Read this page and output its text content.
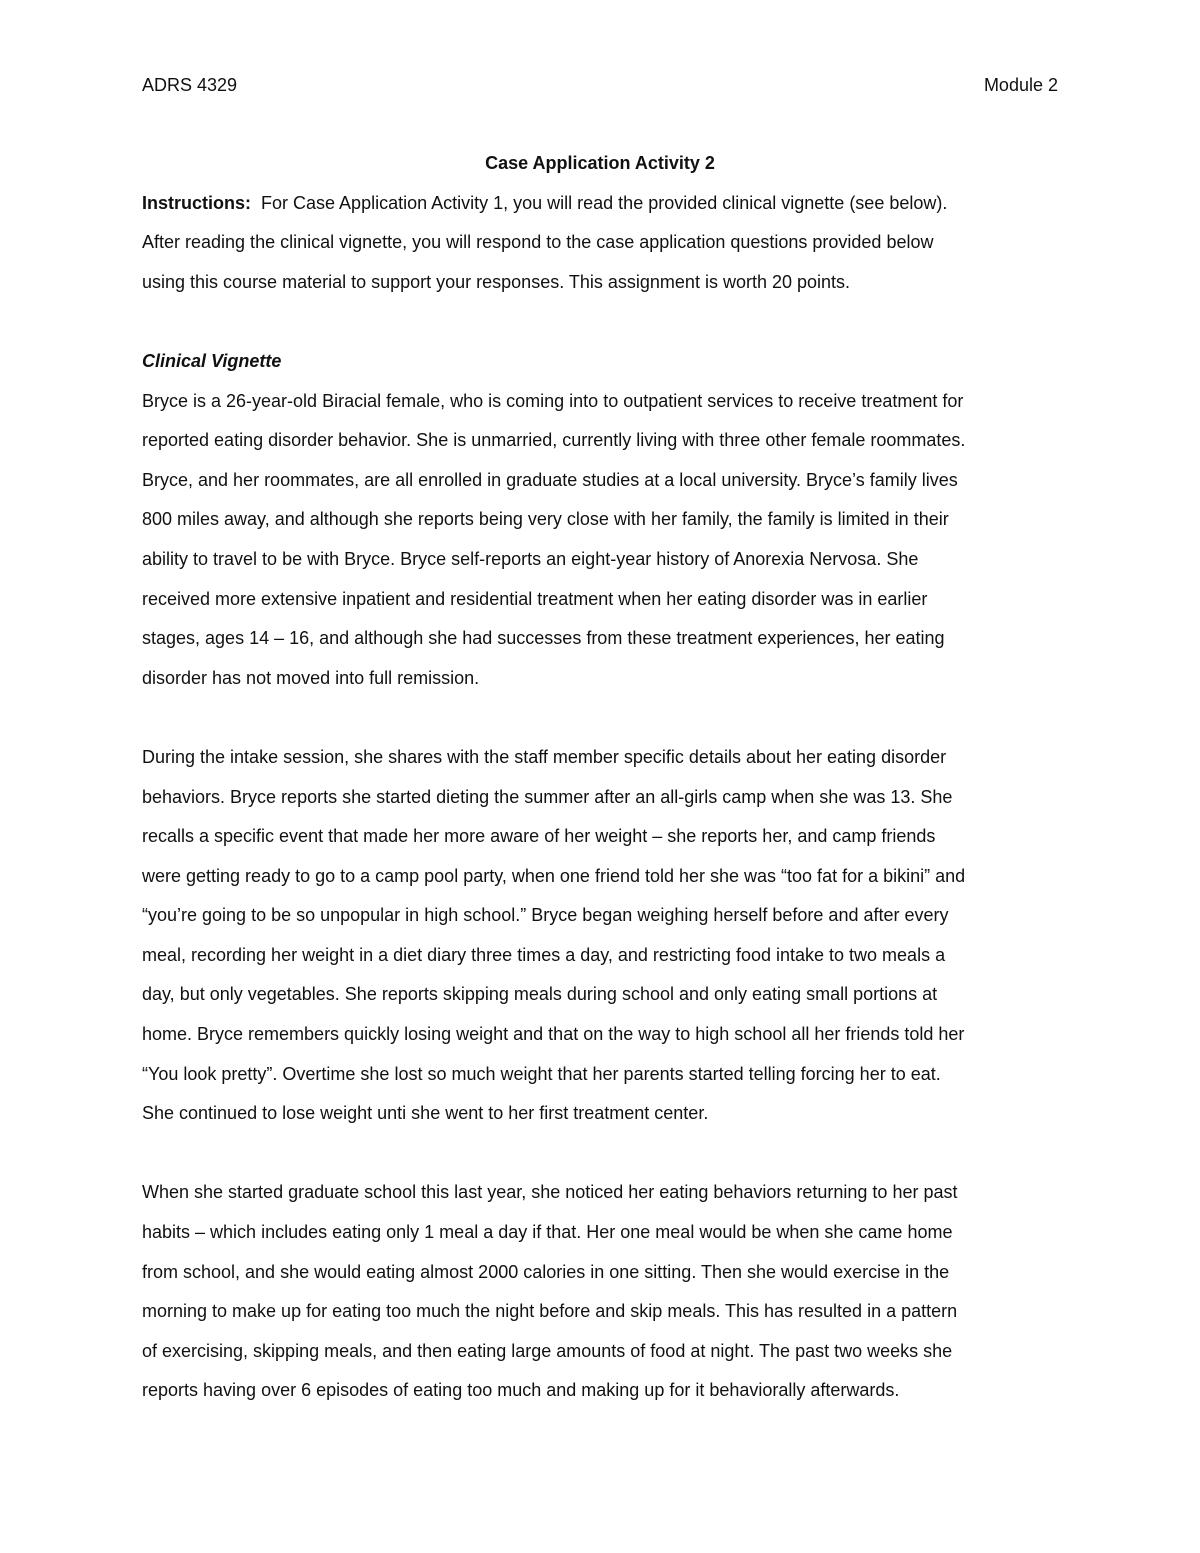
ADRS 4329	Module 2
Case Application Activity 2
Instructions:  For Case Application Activity 1, you will read the provided clinical vignette (see below).
After reading the clinical vignette, you will respond to the case application questions provided below
using this course material to support your responses. This assignment is worth 20 points.
Clinical Vignette
Bryce is a 26-year-old Biracial female, who is coming into to outpatient services to receive treatment for
reported eating disorder behavior. She is unmarried, currently living with three other female roommates.
Bryce, and her roommates, are all enrolled in graduate studies at a local university. Bryce’s family lives
800 miles away, and although she reports being very close with her family, the family is limited in their
ability to travel to be with Bryce. Bryce self-reports an eight-year history of Anorexia Nervosa. She
received more extensive inpatient and residential treatment when her eating disorder was in earlier
stages, ages 14 – 16, and although she had successes from these treatment experiences, her eating
disorder has not moved into full remission.
During the intake session, she shares with the staff member specific details about her eating disorder
behaviors. Bryce reports she started dieting the summer after an all-girls camp when she was 13. She
recalls a specific event that made her more aware of her weight – she reports her, and camp friends
were getting ready to go to a camp pool party, when one friend told her she was “too fat for a bikini” and
“you’re going to be so unpopular in high school.” Bryce began weighing herself before and after every
meal, recording her weight in a diet diary three times a day, and restricting food intake to two meals a
day, but only vegetables. She reports skipping meals during school and only eating small portions at
home. Bryce remembers quickly losing weight and that on the way to high school all her friends told her
“You look pretty”. Overtime she lost so much weight that her parents started telling forcing her to eat.
She continued to lose weight unti she went to her first treatment center.
When she started graduate school this last year, she noticed her eating behaviors returning to her past
habits – which includes eating only 1 meal a day if that. Her one meal would be when she came home
from school, and she would eating almost 2000 calories in one sitting. Then she would exercise in the
morning to make up for eating too much the night before and skip meals. This has resulted in a pattern
of exercising, skipping meals, and then eating large amounts of food at night. The past two weeks she
reports having over 6 episodes of eating too much and making up for it behaviorally afterwards.
